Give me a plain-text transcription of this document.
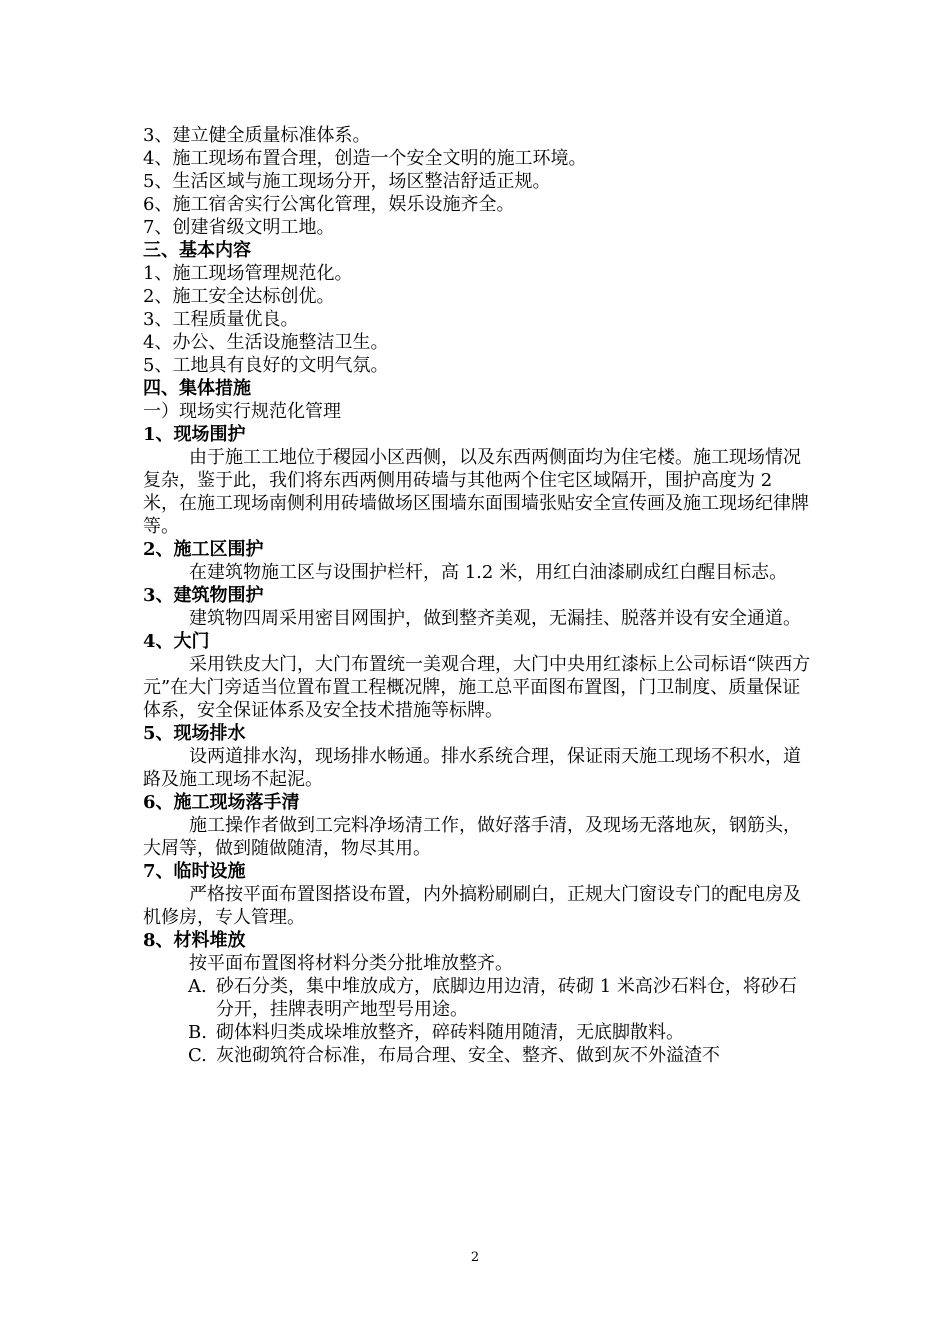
3、建立健全质量标准体系。
4、施工现场布置合理，创造一个安全文明的施工环境。
5、生活区域与施工现场分开，场区整洁舒适正规。
6、施工宿舍实行公寓化管理，娱乐设施齐全。
7、创建省级文明工地。
三、基本内容
1、施工现场管理规范化。
2、施工安全达标创优。
3、工程质量优良。
4、办公、生活设施整洁卫生。
5、工地具有良好的文明气氛。
四、集体措施
一）现场实行规范化管理
1、现场围护
由于施工工地位于稷园小区西侧，以及东西两侧面均为住宅楼。施工现场情况复杂，鉴于此，我们将东西两侧用砖墙与其他两个住宅区域隔开，围护高度为 2 米，在施工现场南侧利用砖墙做场区围墙东面围墙张贴安全宣传画及施工现场纪律牌等。
2、施工区围护
在建筑物施工区与设围护栏杆，高 1.2 米，用红白油漆刷成红白醒目标志。
3、建筑物围护
建筑物四周采用密目网围护，做到整齐美观，无漏挂、脱落并设有安全通道。
4、大门
采用铁皮大门，大门布置统一美观合理，大门中央用红漆标上公司标语“陕西方元”在大门旁适当位置布置工程概况牌，施工总平面图布置图，门卫制度、质量保证体系，安全保证体系及安全技术措施等标牌。
5、现场排水
设两道排水沟，现场排水畅通。排水系统合理，保证雨天施工现场不积水，道路及施工现场不起泥。
6、施工现场落手清
施工操作者做到工完料净场清工作，做好落手清，及现场无落地灰，钢筋头，大屑等，做到随做随清，物尽其用。
7、临时设施
严格按平面布置图搭设布置，内外搞粉刷刷白，正规大门窗设专门的配电房及机修房，专人管理。
8、材料堆放
按平面布置图将材料分类分批堆放整齐。
A. 砂石分类，集中堆放成方，底脚边用边清，砖砌 1 米高沙石料仓，将砂石分开，挂牌表明产地型号用途。
B. 砌体料归类成垛堆放整齐，碎砖料随用随清，无底脚散料。
C. 灰池砌筑符合标准，布局合理、安全、整齐、做到灰不外溢渣不
2
